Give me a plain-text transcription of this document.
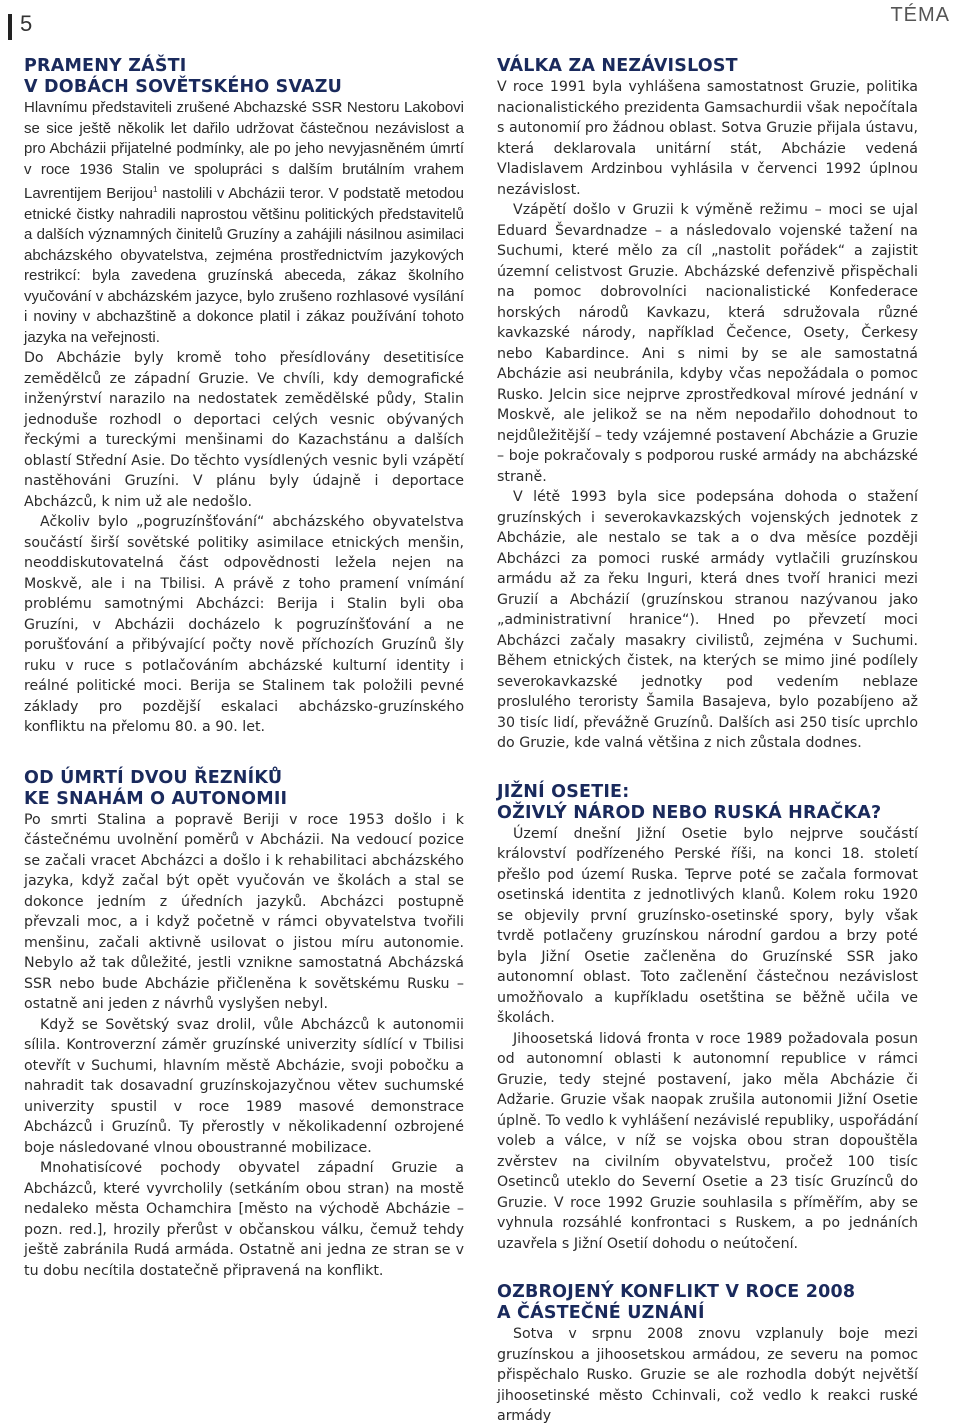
5	TÉMA
PRAMENY ZÁŠTI
V DOBÁCH SOVĚTSKÉHO SVAZU

Hlavnímu představiteli zrušené Abchazské SSR Nestoru Lakobovi se sice ještě několik let dařilo udržovat částečnou nezávislost a pro Abcházii přijatelné podmínky, ale po jeho nevyjasněném úmrtí v roce 1936 Stalin ve spolupráci s dalším brutálním vrahem Lavrentijem Berijou$^1$ nastolili v Abcházii teror. V podstatě metodou etnické čistky nahradili naprostou většinu politických představitelů a dalších významných činitelů Gruzíny a zahájili násilnou asimilaci abcházského obyvatelstva, zejména prostřednictvím jazykových restrikcí: byla zavedena gruzínská abeceda, zákaz školního vyučování v abcházském jazyce, bylo zrušeno rozhlasové vysílání i noviny v abchazštině a dokonce platil i zákaz používání tohoto jazyka na veřejnosti.

Do Abcházie byly kromě toho přesídlovány desetitisíce zemědělců ze západní Gruzie. Ve chvíli, kdy demografické inženýrství narazilo na nedostatek zemědělské půdy, Stalin jednoduše rozhodl o deportaci celých vesnic obývaných řeckými a tureckými menšinami do Kazachstánu a dalších oblastí Střední Asie. Do těchto vysídlených vesnic byli vzápětí nastěhováni Gruzíni. V plánu byly údajně i deportace Abcházců, k nim už ale nedošlo.

Ačkoliv bylo „pogruzínšťování“ abcházského obyvatelstva součástí širší sovětské politiky asimilace etnických menšin, neoddiskutovatelná část odpovědnosti ležela nejen na Moskvě, ale i na Tbilisi. A právě z toho pramení vnímání problému samotnými Abcházci: Berija i Stalin byli oba Gruzíni, v Abcházii docházelo k pogruzínšťování a ne porušťování a přibývající počty nově příchozích Gruzínů šly ruku v ruce s potlačováním abcházské kulturní identity i reálné politické moci. Berija se Stalinem tak položili pevné základy pro pozdější eskalaci abcházsko-gruzínského konfliktu na přelomu 80. a 90. let.

OD ÚMRTÍ DVOU ŘEZNÍKŮ
KE SNAHÁM O AUTONOMII

Po smrti Stalina a popravě Beriji v roce 1953 došlo i k částečnému uvolnění poměrů v Abcházii. Na vedoucí pozice se začali vracet Abcházci a došlo i k rehabilitaci abcházského jazyka, když začal být opět vyučován ve školách a stal se dokonce jedním z úředních jazyků. Abcházci postupně převzali moc, a i když početně v rámci obyvatelstva tvořili menšinu, začali aktivně usilovat o jistou míru autonomie. Nebylo až tak důležité, jestli vznikne samostatná Abcházská SSR nebo bude Abcházie přičleněna k sovětskému Rusku – ostatně ani jeden z návrhů vyslyšen nebyl.

Když se Sovětský svaz drolil, vůle Abcházců k autonomii sílila. Kontroverzní záměr gruzínské univerzity sídlící v Tbilisi otevřít v Suchumi, hlavním městě Abcházie, svoji pobočku a nahradit tak dosavadní gruzínskojazyčnou větev suchumské univerzity spustil v roce 1989 masové demonstrace Abcházců i Gruzínů. Ty přerostly v několikadenní ozbrojené boje následované vlnou oboustranné mobilizace.

Mnohatisícové pochody obyvatel západní Gruzie a Abcházců, které vyvrcholily (setkáním obou stran) na mostě nedaleko města Ochamchira [město na východě Abcházie – pozn. red.], hrozily přerůst v občanskou válku, čemuž tehdy ještě zabránila Rudá armáda. Ostatně ani jedna ze stran se v tu dobu necítila dostatečně připravená na konflikt.

VÁLKA ZA NEZÁVISLOST

V roce 1991 byla vyhlášena samostatnost Gruzie, politika nacionalistického prezidenta Gamsachurdii však nepočítala s autonomií pro žádnou oblast. Sotva Gruzie přijala ústavu, která deklarovala unitární stát, Abcházie vedená Vladislavem Ardzinbou vyhlásila v červenci 1992 úplnou nezávislost.

Vzápětí došlo v Gruzii k výměně režimu – moci se ujal Eduard Ševardnadze – a následovalo vojenské tažení na Suchumi, které mělo za cíl „nastolit pořádek“ a zajistit územní celistvost Gruzie. Abcházské defenzivě přispěchali na pomoc dobrovolníci nacionalistické Konfederace horských národů Kavkazu, která sdružovala různé kavkazské národy, například Čečence, Osety, Čerkesy nebo Kabardince. Ani s nimi by se ale samostatná Abcházie asi neubránila, kdyby včas nepožádala o pomoc Rusko. Jelcin sice nejprve zprostředkoval mírové jednání v Moskvě, ale jelikož se na něm nepodařilo dohodnout to nejdůležitější – tedy vzájemné postavení Abcházie a Gruzie – boje pokračovaly s podporou ruské armády na abcházské straně.

V létě 1993 byla sice podepsána dohoda o stažení gruzínských i severokavkazských vojenských jednotek z Abcházie, ale nestalo se tak a o dva měsíce později Abcházci za pomoci ruské armády vytlačili gruzínskou armádu až za řeku Inguri, která dnes tvoří hranici mezi Gruzií a Abcházií (gruzínskou stranou nazývanou jako „administrativní hranice“). Hned po převzetí moci Abcházci začaly masakry civilistů, zejména v Suchumi. Během etnických čistek, na kterých se mimo jiné podílely severokavkazské jednotky pod vedením neblaze proslulého teroristy Šamila Basajeva, bylo pozabíjeno až 30 tisíc lidí, převážně Gruzínů. Dalších asi 250 tisíc uprchlo do Gruzie, kde valná většina z nich zůstala dodnes.

JIŽNÍ OSETIE:
OŽIVLÝ NÁROD NEBO RUSKÁ HRAČKA?

Území dnešní Jižní Osetie bylo nejprve součástí království podřízeného Perské říši, na konci 18. století přešlo pod území Ruska. Teprve poté se začala formovat osetinská identita z jednotlivých klanů. Kolem roku 1920 se objevily první gruzínsko-osetinské spory, byly však tvrdě potlačeny gruzínskou národní gardou a brzy poté byla Jižní Osetie začleněna do Gruzínské SSR jako autonomní oblast. Toto začlenění částečnou nezávislost umožňovalo a kupříkladu osetština se běžně učila ve školách.

Jihoosetská lidová fronta v roce 1989 požadovala posun od autonomní oblasti k autonomní republice v rámci Gruzie, tedy stejné postavení, jako měla Abcházie či Adžarie. Gruzie však naopak zrušila autonomii Jižní Osetie úplně. To vedlo k vyhlášení nezávislé republiky, uspořádání voleb a válce, v níž se vojska obou stran dopouštěla zvěrstev na civilním obyvatelstvu, pročež 100 tisíc Osetinců uteklo do Severní Osetie a 23 tisíc Gruzínců do Gruzie. V roce 1992 Gruzie souhlasila s příměřím, aby se vyhnula rozsáhlé konfrontaci s Ruskem, a po jednáních uzavřela s Jižní Osetií dohodu o neútočení.

OZBROJENÝ KONFLIKT V ROCE 2008
A ČÁSTEČNÉ UZNÁNÍ

Sotva v srpnu 2008 znovu vzplanuly boje mezi gruzínskou a jihoosetskou armádou, ze severu na pomoc přispěchalo Rusko. Gruzie se ale rozhodla dobýt největší jihoosetinské město Cchinvali, což vedlo k reakci ruské armády
